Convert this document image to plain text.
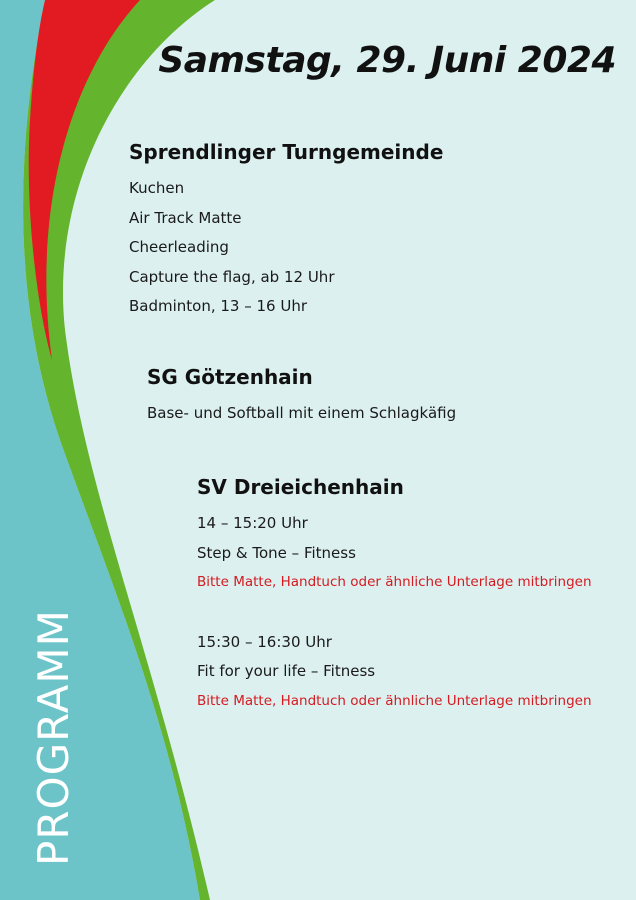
Samstag, 29. Juni 2024
Sprendlinger Turngemeinde
Kuchen
Air Track Matte
Cheerleading
Capture the flag, ab 12 Uhr
Badminton, 13 – 16 Uhr
SG Götzenhain
Base- und Softball mit einem Schlagkäfig
SV Dreieichenhain
14 – 15:20 Uhr
Step & Tone – Fitness
Bitte Matte, Handtuch oder ähnliche Unterlage mitbringen
15:30 – 16:30 Uhr
Fit for your life – Fitness
Bitte Matte, Handtuch oder ähnliche Unterlage mitbringen
PROGRAMM
